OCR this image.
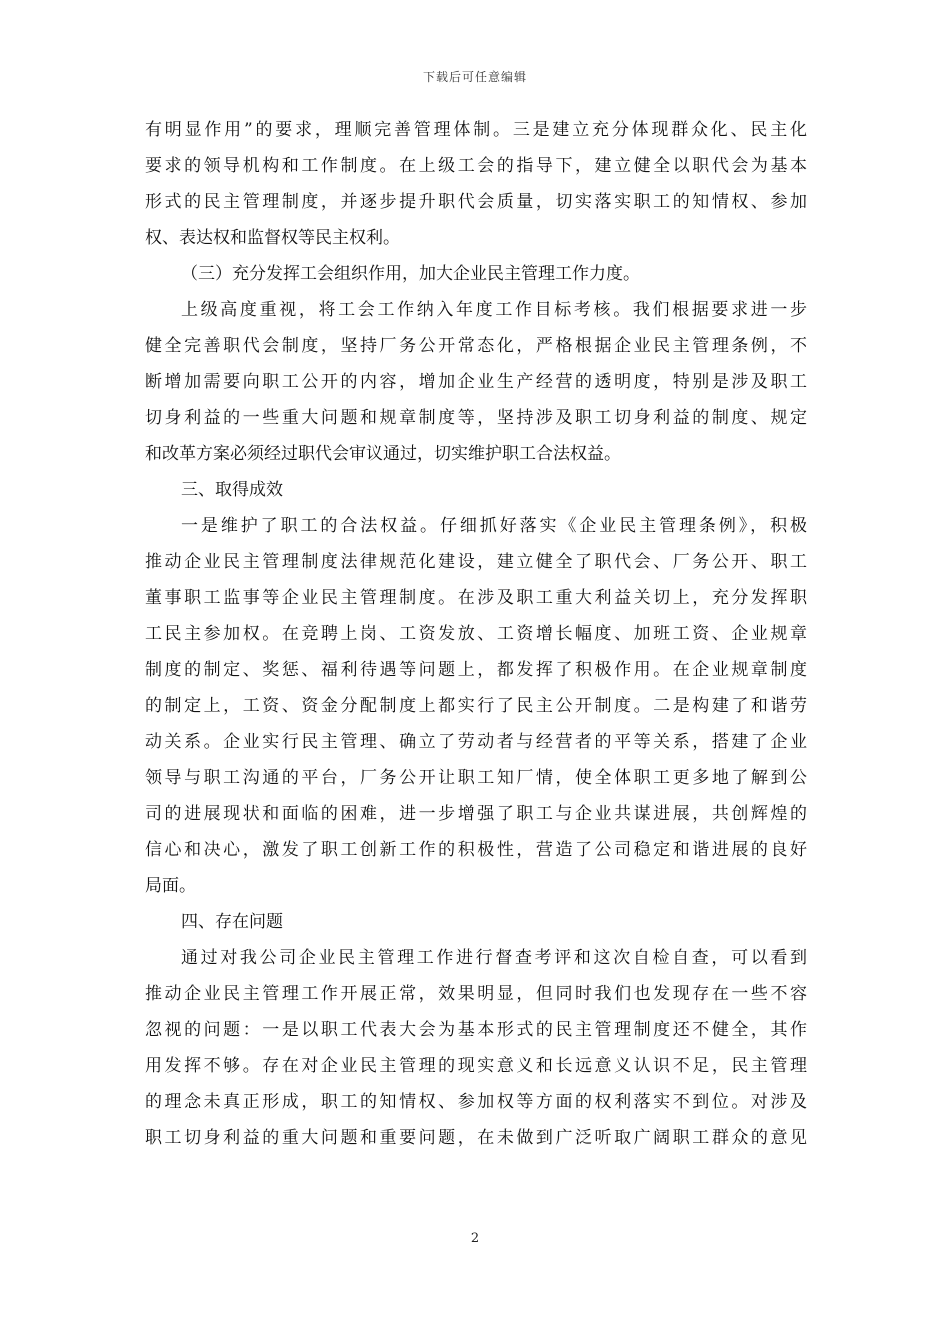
下载后可任意编辑
有明显作用”的要求，理顺完善管理体制。三是建立充分体现群众化、民主化
要求的领导机构和工作制度。在上级工会的指导下，建立健全以职代会为基本
形式的民主管理制度，并逐步提升职代会质量，切实落实职工的知情权、参加
权、表达权和监督权等民主权利。
（三）充分发挥工会组织作用，加大企业民主管理工作力度。
上级高度重视，将工会工作纳入年度工作目标考核。我们根据要求进一步
健全完善职代会制度，坚持厂务公开常态化，严格根据企业民主管理条例，不
断增加需要向职工公开的内容，增加企业生产经营的透明度，特别是涉及职工
切身利益的一些重大问题和规章制度等，坚持涉及职工切身利益的制度、规定
和改革方案必须经过职代会审议通过，切实维护职工合法权益。
三、取得成效
一是维护了职工的合法权益。仔细抓好落实《企业民主管理条例》，积极
推动企业民主管理制度法律规范化建设，建立健全了职代会、厂务公开、职工
董事职工监事等企业民主管理制度。在涉及职工重大利益关切上，充分发挥职
工民主参加权。在竞聘上岗、工资发放、工资增长幅度、加班工资、企业规章
制度的制定、奖惩、福利待遇等问题上，都发挥了积极作用。在企业规章制度
的制定上，工资、资金分配制度上都实行了民主公开制度。二是构建了和谐劳
动关系。企业实行民主管理、确立了劳动者与经营者的平等关系，搭建了企业
领导与职工沟通的平台，厂务公开让职工知厂情，使全体职工更多地了解到公
司的进展现状和面临的困难，进一步增强了职工与企业共谋进展，共创辉煌的
信心和决心，激发了职工创新工作的积极性，营造了公司稳定和谐进展的良好
局面。
四、存在问题
通过对我公司企业民主管理工作进行督查考评和这次自检自查，可以看到
推动企业民主管理工作开展正常，效果明显，但同时我们也发现存在一些不容
忽视的问题：一是以职工代表大会为基本形式的民主管理制度还不健全，其作
用发挥不够。存在对企业民主管理的现实意义和长远意义认识不足，民主管理
的理念未真正形成，职工的知情权、参加权等方面的权利落实不到位。对涉及
职工切身利益的重大问题和重要问题，在未做到广泛听取广阔职工群众的意见
2
